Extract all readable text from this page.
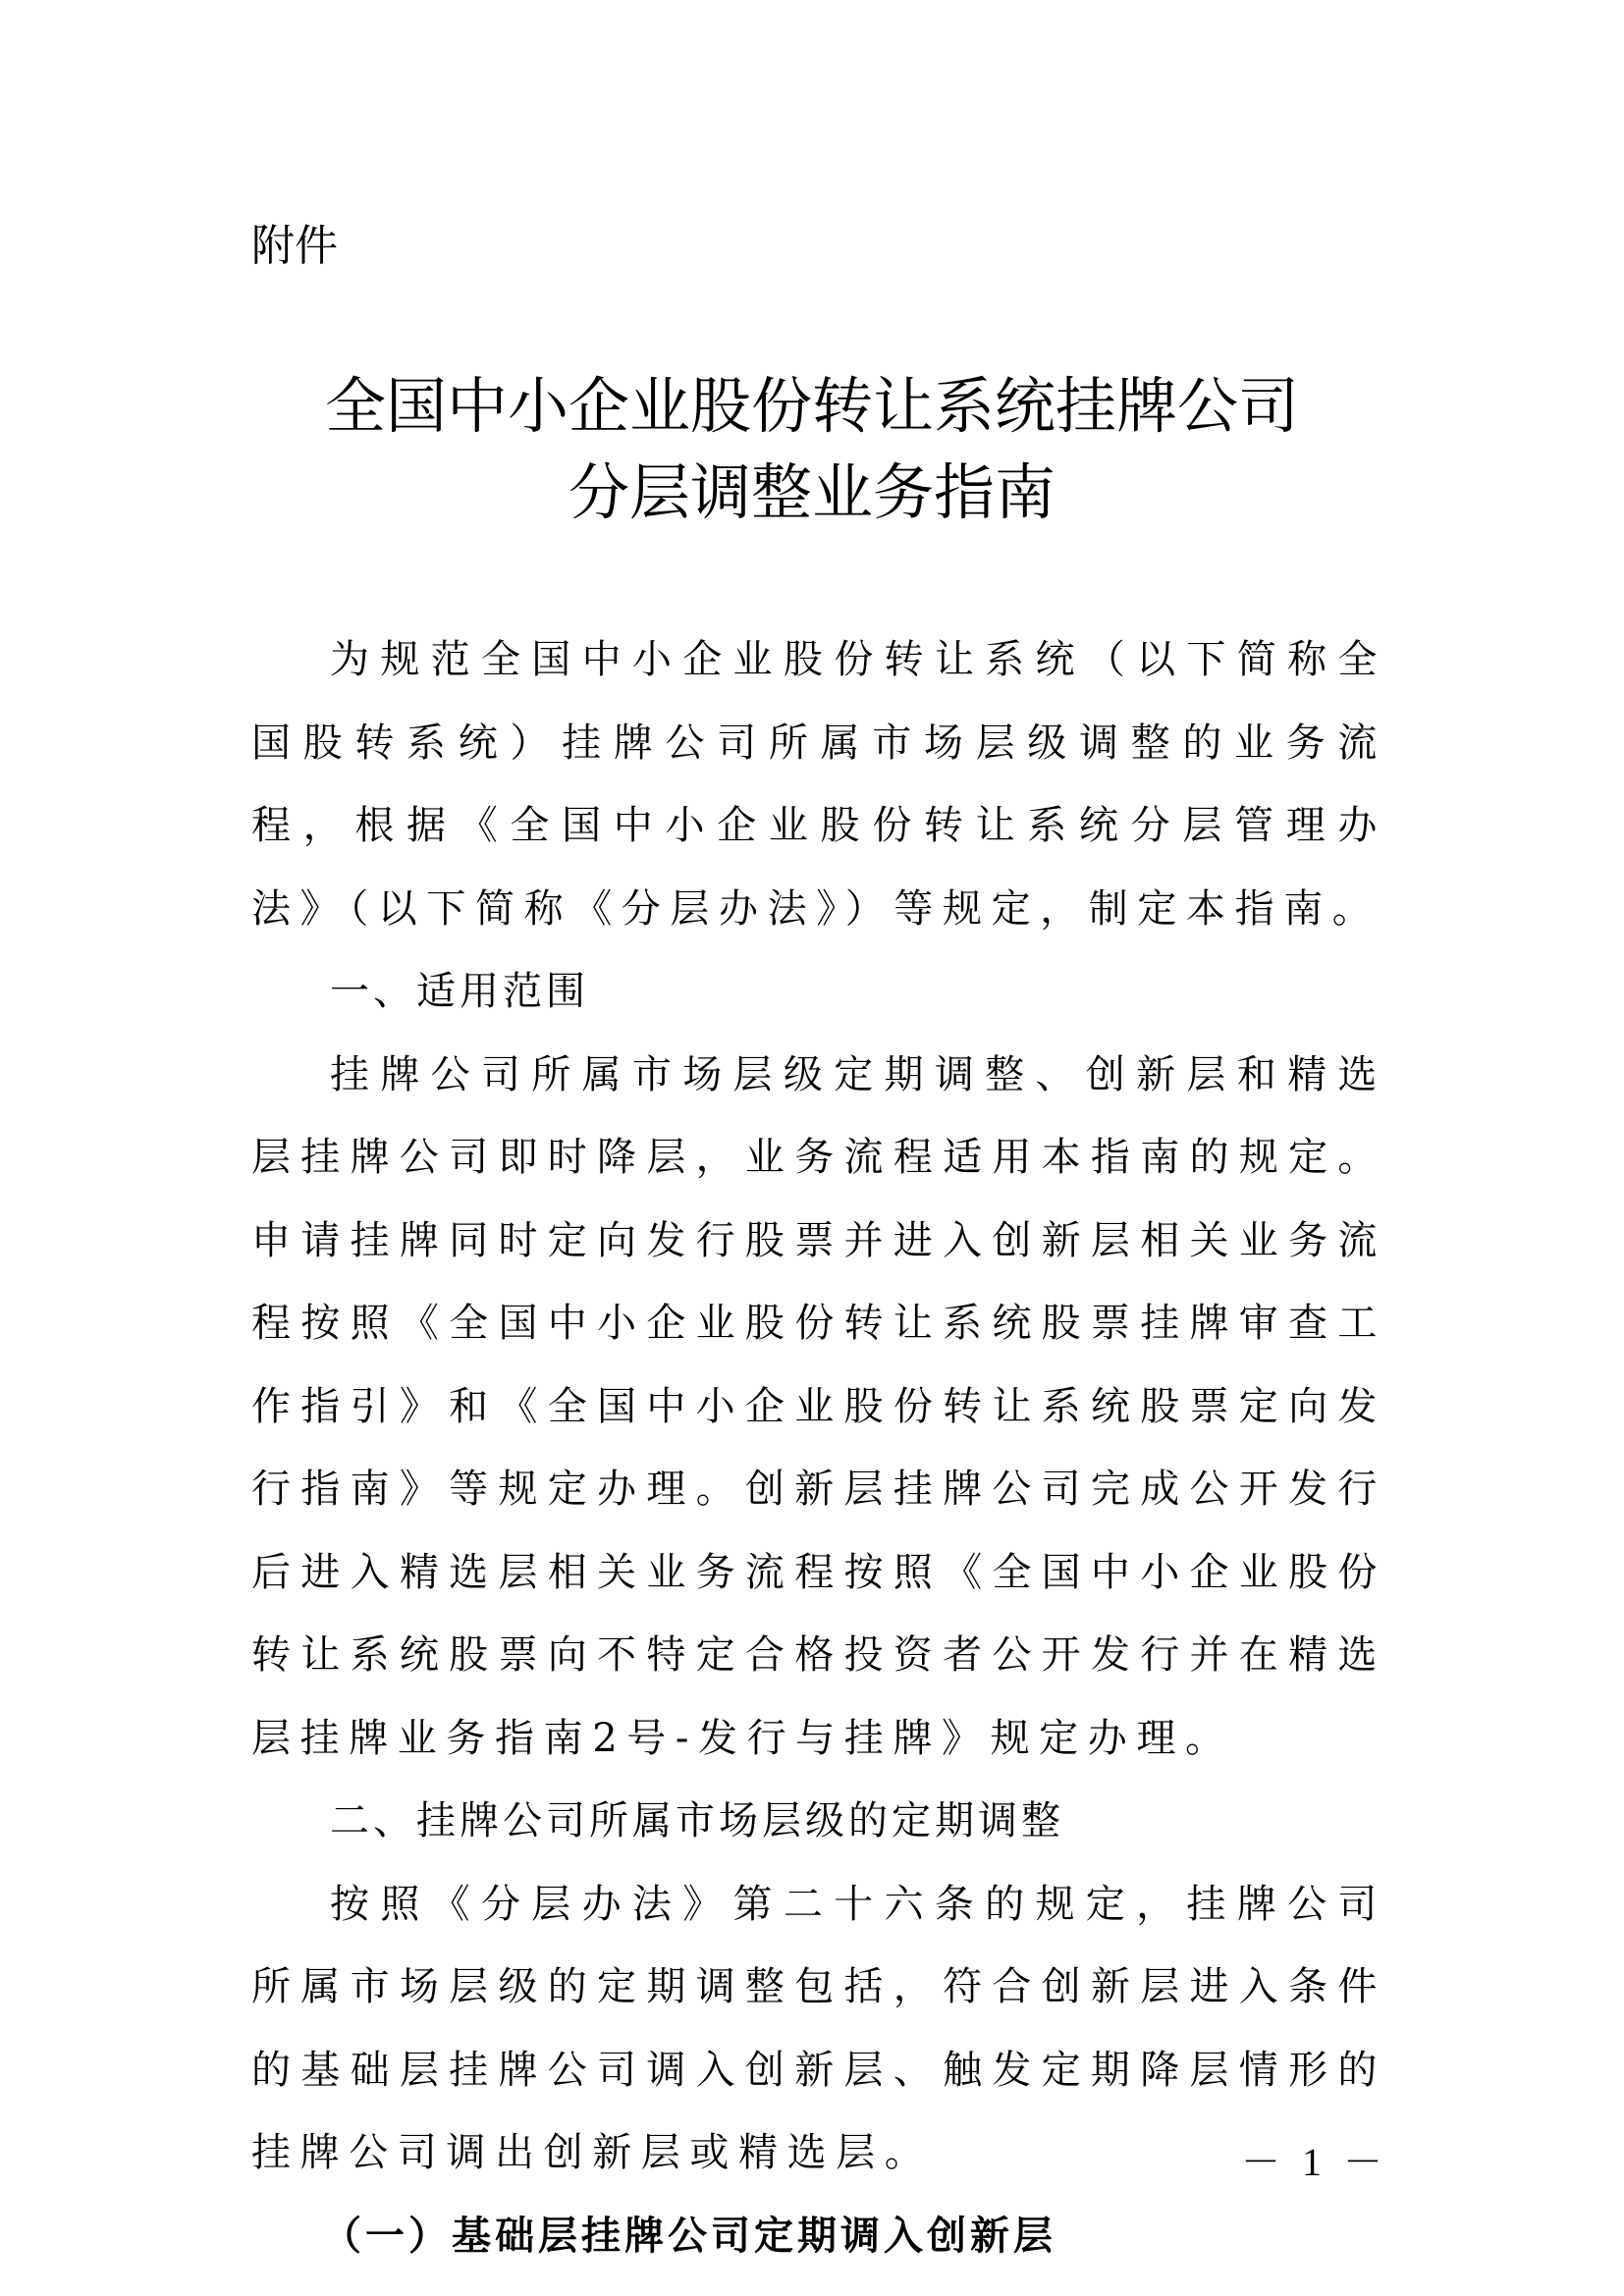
附件
全国中小企业股份转让系统挂牌公司
分层调整业务指南

为规范全国中小企业股份转让系统（以下简称全国股转系统）挂牌公司所属市场层级调整的业务流程，根据《全国中小企业股份转让系统分层管理办法》（以下简称《分层办法》）等规定，制定本指南。

一、适用范围

挂牌公司所属市场层级定期调整、创新层和精选层挂牌公司即时降层，业务流程适用本指南的规定。申请挂牌同时定向发行股票并进入创新层相关业务流程按照《全国中小企业股份转让系统股票挂牌审查工作指引》和《全国中小企业股份转让系统股票定向发行指南》等规定办理。创新层挂牌公司完成公开发行后进入精选层相关业务流程按照《全国中小企业股份转让系统股票向不特定合格投资者公开发行并在精选层挂牌业务指南2号-发行与挂牌》规定办理。

二、挂牌公司所属市场层级的定期调整

按照《分层办法》第二十六条的规定，挂牌公司所属市场层级的定期调整包括，符合创新层进入条件的基础层挂牌公司调入创新层、触发定期降层情形的挂牌公司调出创新层或精选层。

（一）基础层挂牌公司定期调入创新层
－ 1 －
